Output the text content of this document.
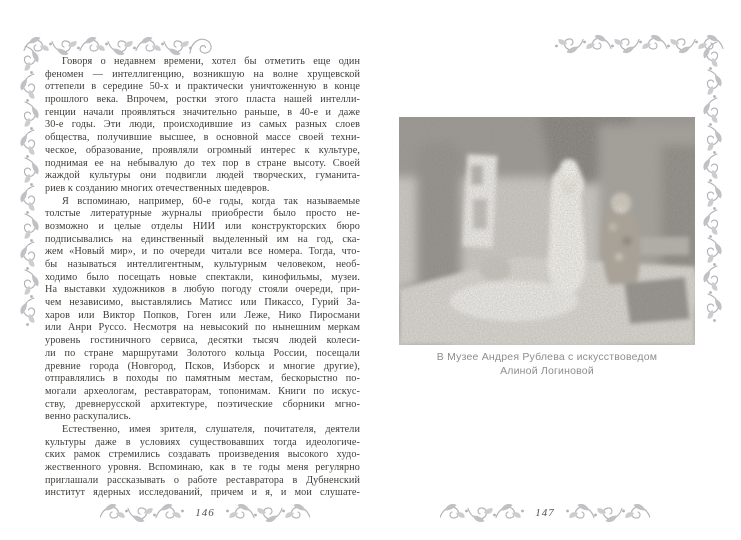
Говоря о недавнем времени, хотел бы отметить еще один
феномен — интеллигенцию, возникшую на волне хрущевской
оттепели в середине 50-х и практически уничтоженную в конце
прошлого века. Впрочем, ростки этого пласта нашей интелли-
генции начали проявляться значительно раньше, в 40-е и даже
30-е годы. Эти люди, происходившие из самых разных слоев
общества, получившие высшее, в основной массе своей техни-
ческое, образование, проявляли огромный интерес к культуре,
поднимая ее на небывалую до тех пор в стране высоту. Своей
жаждой культуры они подвигли людей творческих, гуманита-
риев к созданию многих отечественных шедевров.
Я вспоминаю, например, 60-е годы, когда так называемые
толстые литературные журналы приобрести было просто не-
возможно и целые отделы НИИ или конструкторских бюро
подписывались на единственный выделенный им на год, ска-
жем «Новый мир», и по очереди читали все номера. Тогда, что-
бы называться интеллигентным, культурным человеком, необ-
ходимо было посещать новые спектакли, кинофильмы, музеи.
На выставки художников в любую погоду стояли очереди, при-
чем независимо, выставлялись Матисс или Пикассо, Гурий За-
харов или Виктор Попков, Гоген или Леже, Нико Пиросмани
или Анри Руссо. Несмотря на невысокий по нынешним меркам
уровень гостиничного сервиса, десятки тысяч людей колеси-
ли по стране маршрутами Золотого кольца России, посещали
древние города (Новгород, Псков, Изборск и многие другие),
отправлялись в походы по памятным местам, бескорыстно по-
могали археологам, реставраторам, топонимам. Книги по искус-
ству, древнерусской архитектуре, поэтические сборники мгно-
венно раскупались.
Естественно, имея зрителя, слушателя, почитателя, деятели
культуры даже в условиях существовавших тогда идеологиче-
ских рамок стремились создавать произведения высокого худо-
жественного уровня. Вспоминаю, как в те годы меня регулярно
приглашали рассказывать о работе реставратора в Дубненский
институт ядерных исследований, причем и я, и мои слушате-
146
В Музее Андрея Рублева с искусствоведом
Алиной Логиновой
147
